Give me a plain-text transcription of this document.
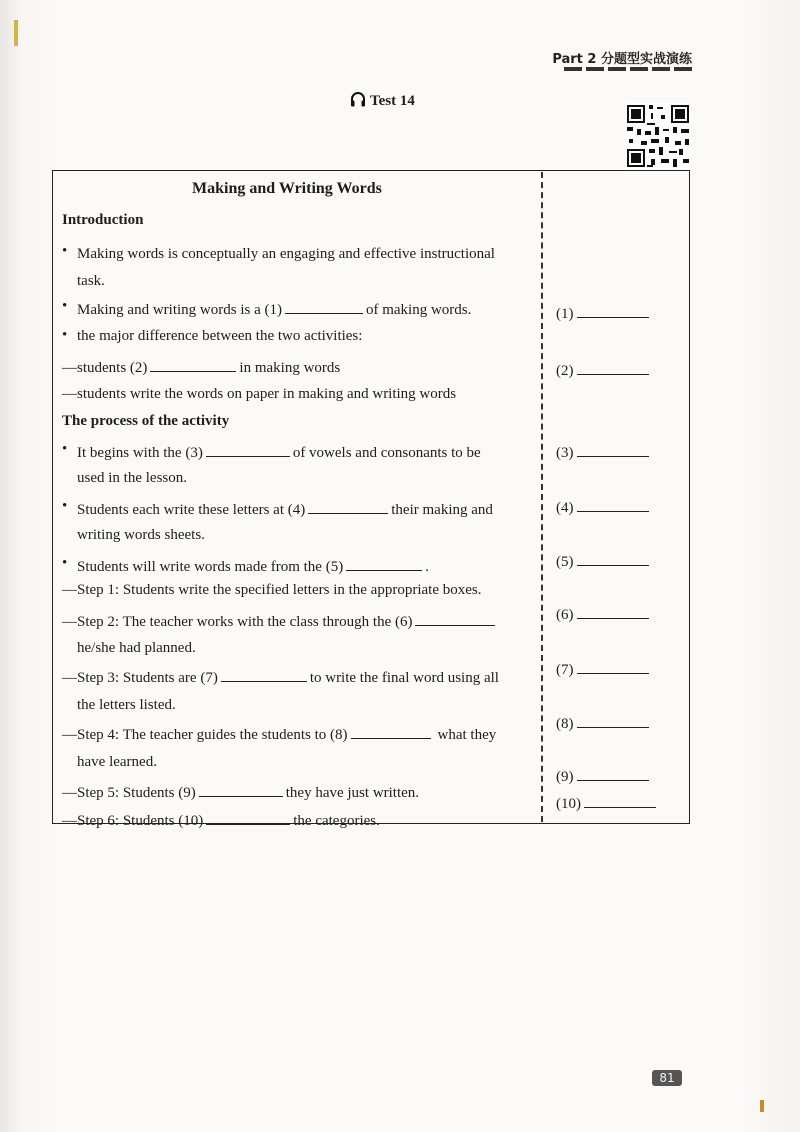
Part 2 分题型实战演练
Test 14
Making and Writing Words
Introduction
• Making words is conceptually an engaging and effective instructional
task.
• Making and writing words is a (1)	of making words.
• the major difference between the two activities:
—students (2)	in making words
—students write the words on paper in making and writing words
The process of the activity
• It begins with the (3)	of vowels and consonants to be
used in the lesson.
• Students each write these letters at (4)	their making and
writing words sheets.
• Students will write words made from the (5)	.
—Step 1: Students write the specified letters in the appropriate boxes.
—Step 2: The teacher works with the class through the (6)
he/she had planned.
—Step 3: Students are (7)	to write the final word using all
the letters listed.
—Step 4: The teacher guides the students to (8)	what they
have learned.
—Step 5: Students (9)	they have just written.
—Step 6: Students (10)	the categories.
(1)
(2)
(3)
(4)
(5)
(6)
(7)
(8)
(9)
(10)
81
